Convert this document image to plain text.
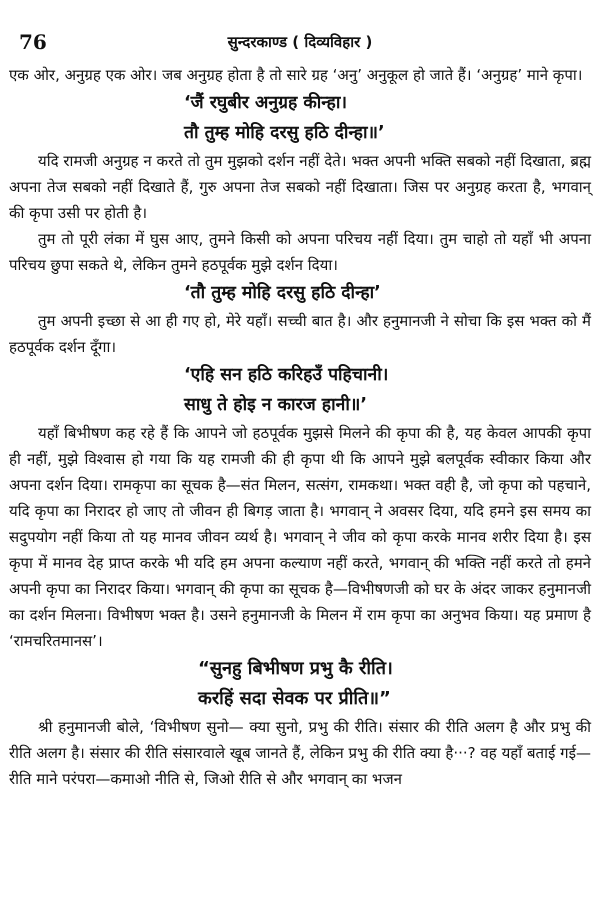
76	सुन्दरकाण्ड ( दिव्यविहार )

एक ओर, अनुग्रह एक ओर। जब अनुग्रह होता है तो सारे ग्रह ‘अनु’ अनुकूल हो जाते हैं। ‘अनुग्रह’ माने कृपा।

‘जैं रघुबीर अनुग्रह कीन्हा।

तौ तुम्ह मोहि दरसु हठि दीन्हा॥’

यदि रामजी अनुग्रह न करते तो तुम मुझको दर्शन नहीं देते। भक्त अपनी भक्ति सबको नहीं दिखाता, ब्रह्म अपना तेज सबको नहीं दिखाते हैं, गुरु अपना तेज सबको नहीं दिखाता। जिस पर अनुग्रह करता है, भगवान् की कृपा उसी पर होती है।

तुम तो पूरी लंका में घुस आए, तुमने किसी को अपना परिचय नहीं दिया। तुम चाहो तो यहाँ भी अपना परिचय छुपा सकते थे, लेकिन तुमने हठपूर्वक मुझे दर्शन दिया।

‘तौ तुम्ह मोहि दरसु हठि दीन्हा’

तुम अपनी इच्छा से आ ही गए हो, मेरे यहाँ। सच्ची बात है। और हनुमानजी ने सोचा कि इस भक्त को मैं हठपूर्वक दर्शन दूँगा।

‘एहि सन हठि करिहउँ पहिचानी।

साधु ते होइ न कारज हानी॥’

यहाँ बिभीषण कह रहे हैं कि आपने जो हठपूर्वक मुझसे मिलने की कृपा की है, यह केवल आपकी कृपा ही नहीं, मुझे विश्वास हो गया कि यह रामजी की ही कृपा थी कि आपने मुझे बलपूर्वक स्वीकार किया और अपना दर्शन दिया। रामकृपा का सूचक है—संत मिलन, सत्संग, रामकथा। भक्त वही है, जो कृपा को पहचाने, यदि कृपा का निरादर हो जाए तो जीवन ही बिगड़ जाता है। भगवान् ने अवसर दिया, यदि हमने इस समय का सदुपयोग नहीं किया तो यह मानव जीवन व्यर्थ है। भगवान् ने जीव को कृपा करके मानव शरीर दिया है। इस कृपा में मानव देह प्राप्त करके भी यदि हम अपना कल्याण नहीं करते, भगवान् की भक्ति नहीं करते तो हमने अपनी कृपा का निरादर किया। भगवान् की कृपा का सूचक है—विभीषणजी को घर के अंदर जाकर हनुमानजी का दर्शन मिलना। विभीषण भक्त है। उसने हनुमानजी के मिलन में राम कृपा का अनुभव किया। यह प्रमाण है ‘रामचरितमानस’।

“सुनहु बिभीषण प्रभु कै रीति।

करहिं सदा सेवक पर प्रीति॥”

श्री हनुमानजी बोले, ‘विभीषण सुनो— क्या सुनो, प्रभु की रीति। संसार की रीति अलग है और प्रभु की रीति अलग है। संसार की रीति संसारवाले खूब जानते हैं, लेकिन प्रभु की रीति क्या है···? वह यहाँ बताई गई—रीति माने परंपरा—कमाओ नीति से, जिओ रीति से और भगवान् का भजन
